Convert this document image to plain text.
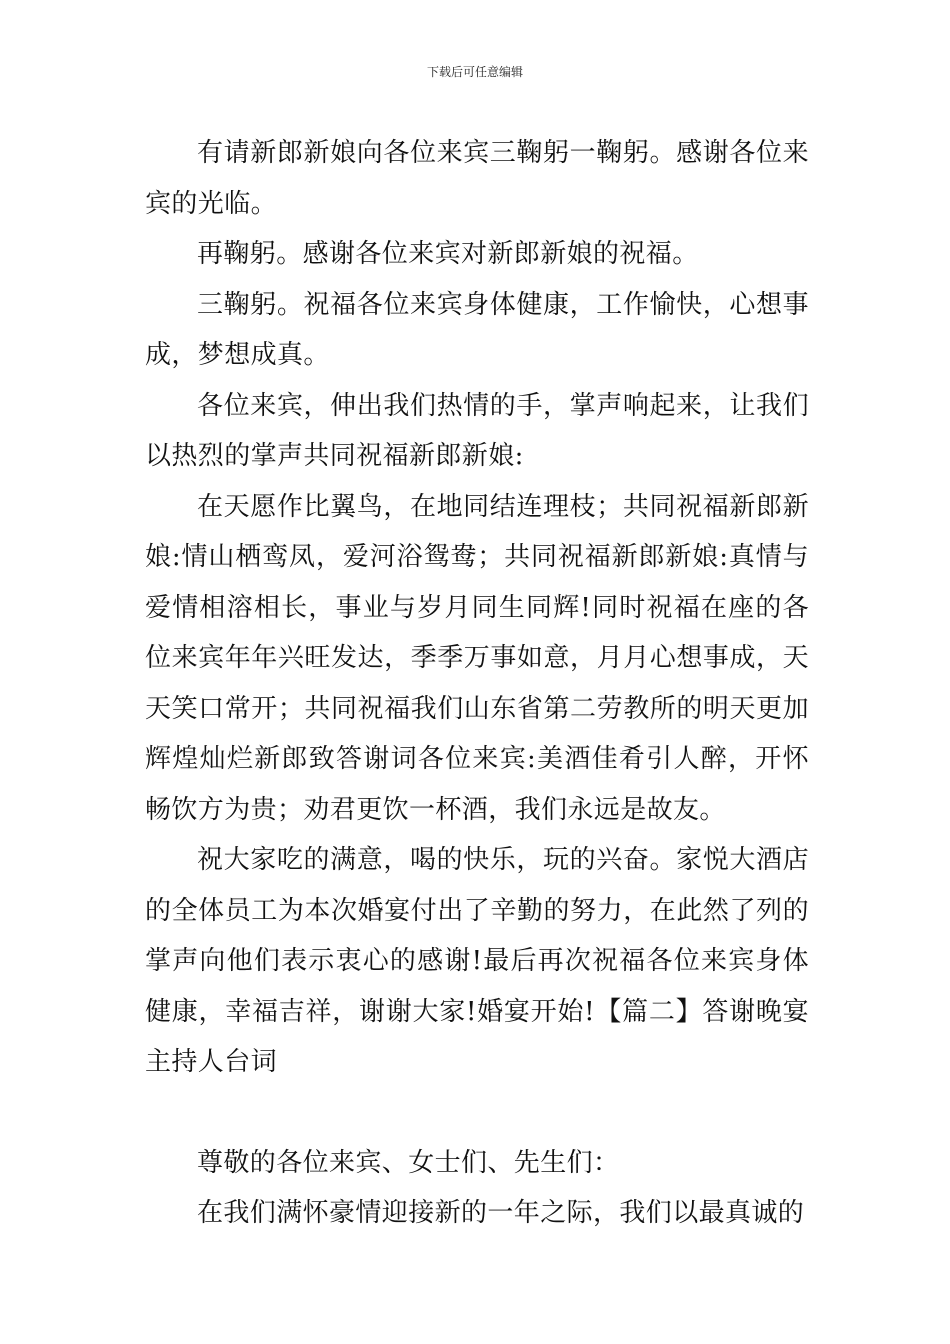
下载后可任意编辑

有请新郎新娘向各位来宾三鞠躬一鞠躬。感谢各位来宾的光临。

再鞠躬。感谢各位来宾对新郎新娘的祝福。

三鞠躬。祝福各位来宾身体健康，工作愉快，心想事成，梦想成真。

各位来宾，伸出我们热情的手，掌声响起来，让我们以热烈的掌声共同祝福新郎新娘:

在天愿作比翼鸟，在地同结连理枝；共同祝福新郎新娘:情山栖鸾凤，爱河浴鸳鸯；共同祝福新郎新娘:真情与爱情相溶相长，事业与岁月同生同辉!同时祝福在座的各位来宾年年兴旺发达，季季万事如意，月月心想事成，天天笑口常开；共同祝福我们山东省第二劳教所的明天更加辉煌灿烂新郎致答谢词各位来宾:美酒佳肴引人醉，开怀畅饮方为贵；劝君更饮一杯酒，我们永远是故友。

祝大家吃的满意，喝的快乐，玩的兴奋。家悦大酒店的全体员工为本次婚宴付出了辛勤的努力，在此然了列的掌声向他们表示衷心的感谢!最后再次祝福各位来宾身体健康，幸福吉祥，谢谢大家!婚宴开始!【篇二】答谢晚宴主持人台词

尊敬的各位来宾、女士们、先生们：

在我们满怀豪情迎接新的一年之际，我们以最真诚的
